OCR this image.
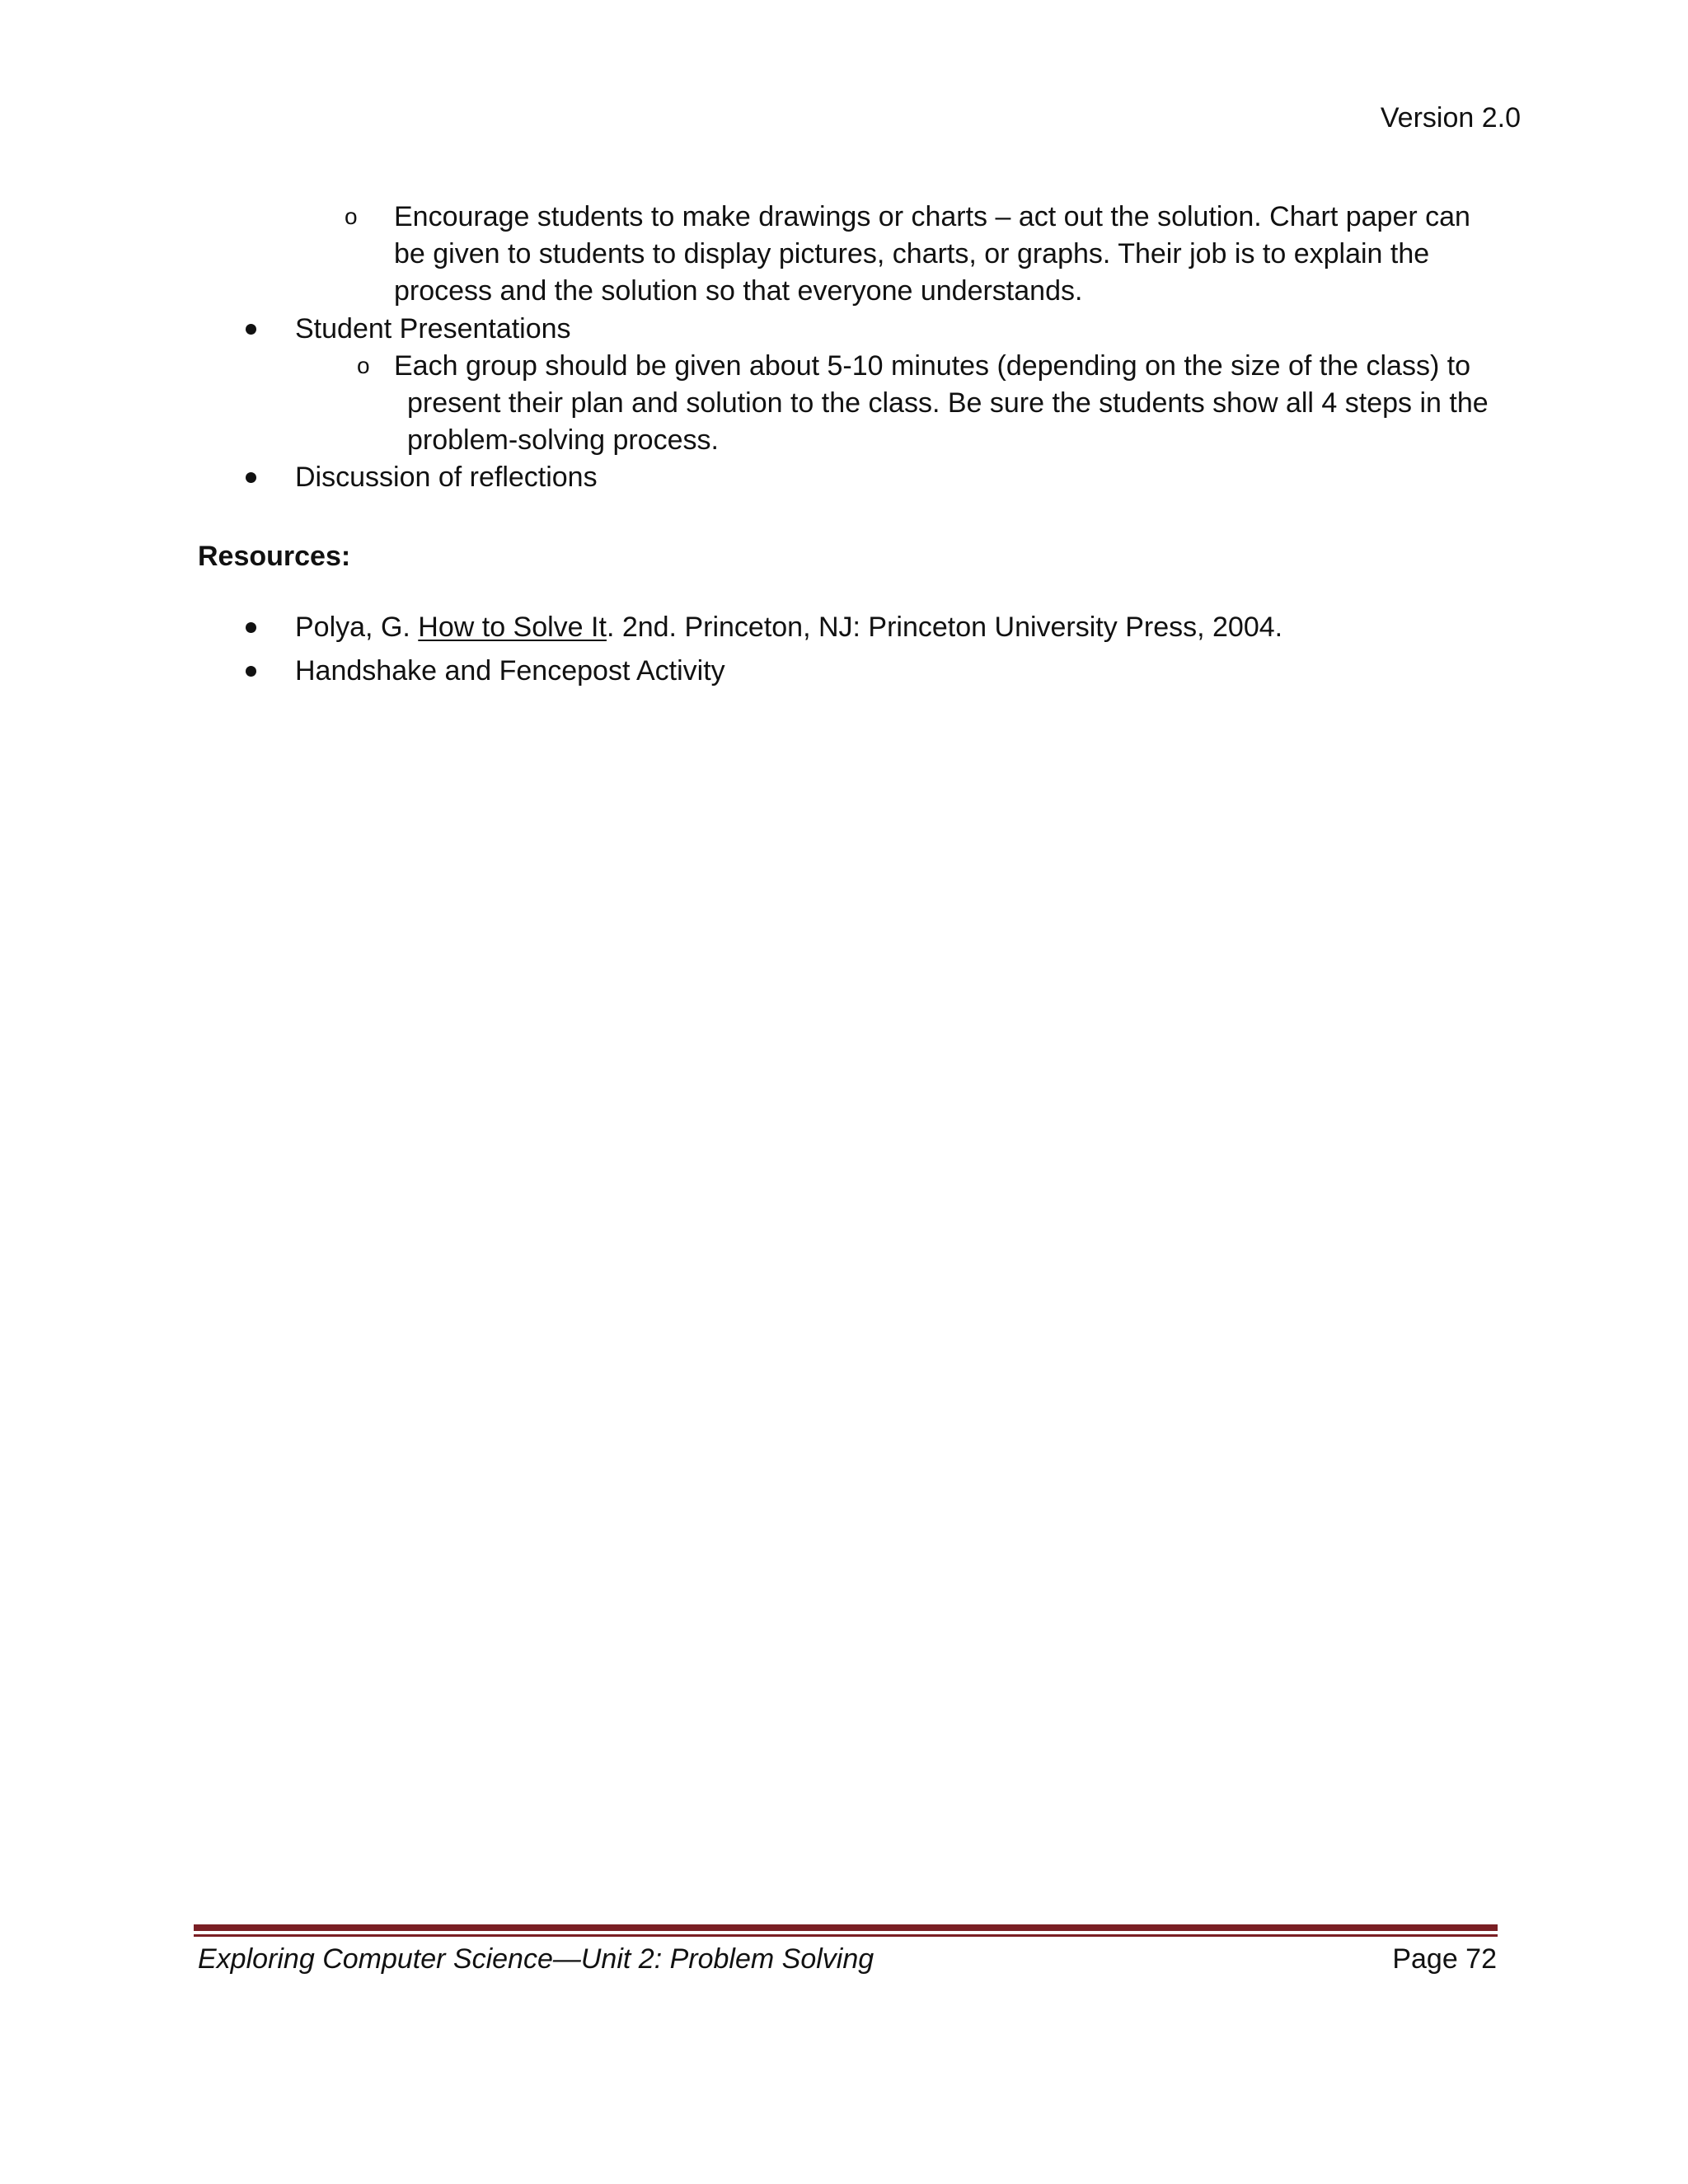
Version 2.0
o Encourage students to make drawings or charts – act out the solution. Chart paper can
be given to students to display pictures, charts, or graphs. Their job is to explain the
process and the solution so that everyone understands.
Student Presentations
o Each group should be given about 5-10 minutes (depending on the size of the class) to
present their plan and solution to the class. Be sure the students show all 4 steps in the
problem-solving process.
Discussion of reflections
Resources:
Polya, G. How to Solve It. 2nd. Princeton, NJ: Princeton University Press, 2004.
Handshake and Fencepost Activity
Exploring Computer Science—Unit 2: Problem Solving	Page 72
